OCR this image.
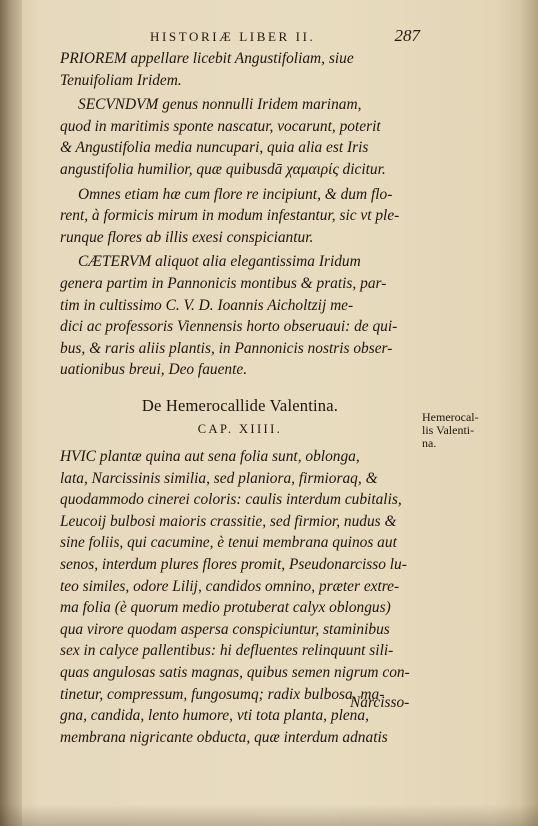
HISTORIÆ LIBER II.	287

PRIOREM appellare licebit Angustifoliam, siue
Tenuifoliam Iridem.

SECVNDVM genus nonnulli Iridem marinam,
quod in maritimis sponte nascatur, vocarunt, poterit
& Angustifolia media nuncupari, quia alia est Iris
angustifolia humilior, quæ quibusdā χαμαιρίς dicitur.

Omnes etiam hæ cum flore re incipiunt, & dum flo-
rent, à formicis mirum in modum infestantur, sic vt ple-
runque flores ab illis exesi conspiciantur.

CÆTERVM aliquot alia elegantissima Iridum
genera partim in Pannonicis montibus & pratis, par-
tim in cultissimo C. V. D. Ioannis Aicholtzij me-
dici ac professoris Viennensis horto obseruaui: de qui-
bus, & raris aliis plantis, in Pannonicis nostris obser-
uationibus breui, Deo fauente.

De Hemerocallide Valentina.
CAP. XIIII.

HVIC plantæ quina aut sena folia sunt, oblonga,
lata, Narcissinis similia, sed planiora, firmioraq, &
quodammodo cinerei coloris: caulis interdum cubitalis,
Leucoij bulbosi maioris crassitie, sed firmior, nudus &
sine foliis, qui cacumine, è tenui membrana quinos aut
senos, interdum plures flores promit, Pseudonarcisso lu-
teo similes, odore Lilij, candidos omnino, præter extre-
ma folia (è quorum medio protuberat calyx oblongus)
qua virore quodam aspersa conspiciuntur, staminibus
sex in calyce pallentibus: hi defluentes relinquunt sili-
quas angulosas satis magnas, quibus semen nigrum con-
tinetur, compressum, fungosumq; radix bulbosa, ma-
gna, candida, lento humore, vti tota planta, plena,
membrana nigricante obducta, quæ interdum adnatis

Hemerocal-
lis Valenti-
na.
Narcisso-
